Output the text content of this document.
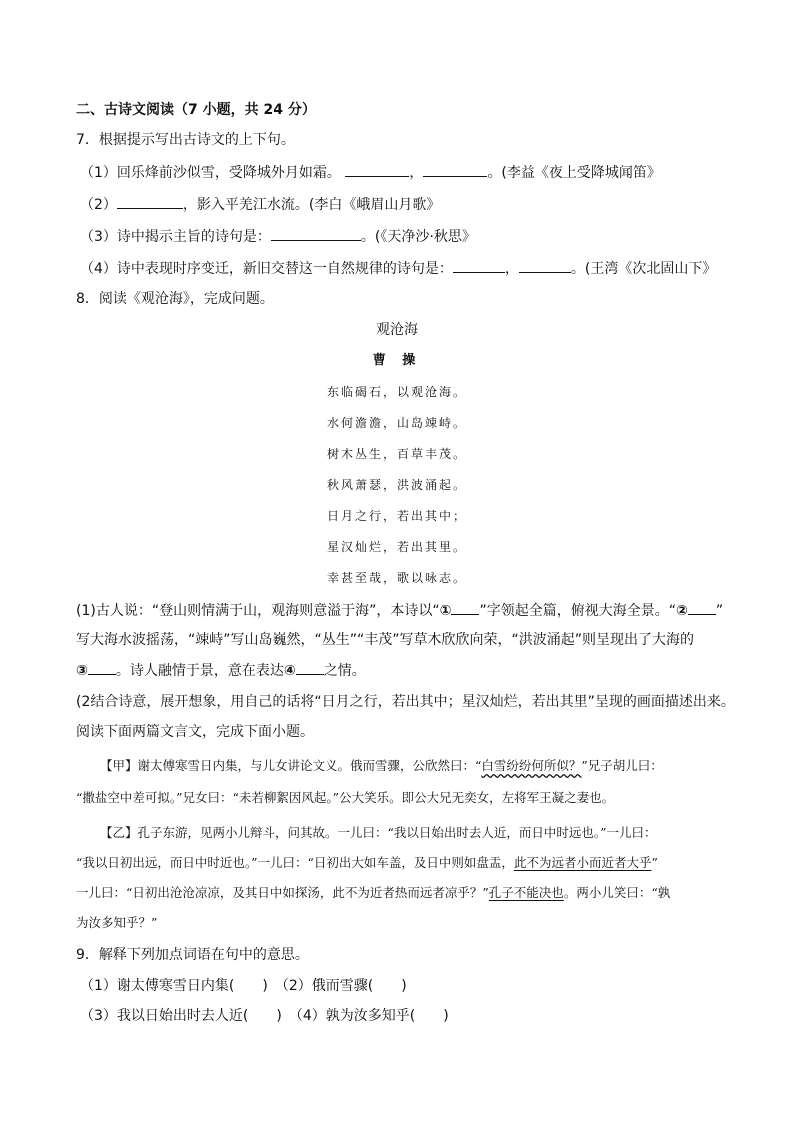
二、古诗文阅读（7 小题，共 24 分）
7．根据提示写出古诗文的上下句。
（1）回乐烽前沙似雪，受降城外月如霜。	，	。(李益《夜上受降城闻笛》
（2）	，影入平羌江水流。(李白《峨眉山月歌》
（3）诗中揭示主旨的诗句是：	。(《天净沙·秋思》
（4）诗中表现时序变迁，新旧交替这一自然规律的诗句是：	，	。(王湾《次北固山下》
8．阅读《观沧海》，完成问题。
观沧海
曹 操
东临碣石，以观沧海。
水何澹澹，山岛竦峙。
树木丛生，百草丰茂。
秋风萧瑟，洪波涌起。
日月之行，若出其中；
星汉灿烂，若出其里。
幸甚至哉，歌以咏志。
(1)古人说：“登山则情满于山，观海则意溢于海”，本诗以“① ”字领起全篇，俯视大海全景。“② ”
写大海水波摇荡，“竦峙”写山岛巍然，“丛生”“丰茂”写草木欣欣向荣，“洪波涌起”则呈现出了大海的
③ 。诗人融情于景，意在表达④ 之情。
(2结合诗意，展开想象，用自己的话将“日月之行，若出其中；星汉灿烂，若出其里”呈现的画面描述出来。
阅读下面两篇文言文，完成下面小题。
【甲】谢太傅寒雪日内集，与儿女讲论文义。俄而雪骤，公欣然曰：“白雪纷纷何所似？”兄子胡儿曰：
“撒盐空中差可拟。”兄女曰：“未若柳絮因风起。”公大笑乐。即公大兄无奕女，左将军王凝之妻也。
【乙】孔子东游，见两小儿辩斗，问其故。一儿曰：“我以日始出时去人近，而日中时远也。”一儿曰：
“我以日初出远，而日中时近也。”一儿曰：“日初出大如车盖，及日中则如盘盂，此不为远者小而近者大乎”
一儿曰：“日初出沧沧凉凉，及其日中如探汤，此不为近者热而远者凉乎？”孔子不能决也。两小儿笑曰：“孰
为汝多知乎？”
9．解释下列加点词语在句中的意思。
（1）谢太傅寒雪日内集(　　)　（2）俄而雪骤(　　)
（3）我以日始出时去人近(　　)　（4）孰为汝多知乎(　　)
